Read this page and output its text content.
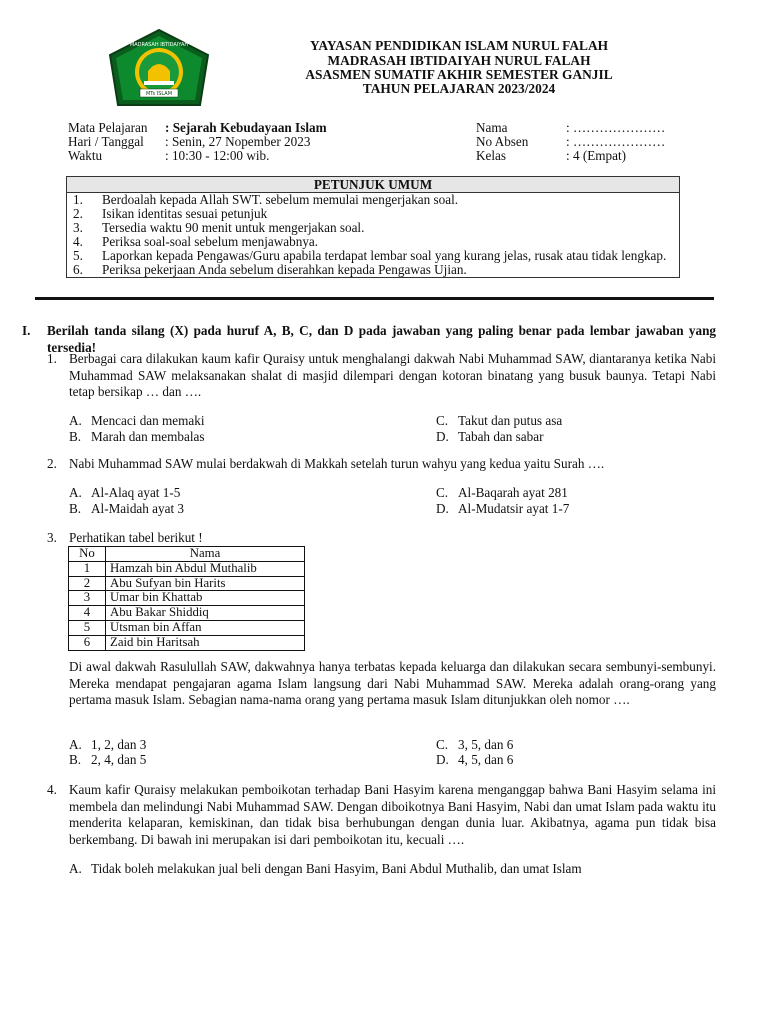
MTs ISLAM
MADRASAH IBTIDAIYAH	YAYASAN PENDIDIKAN ISLAM NURUL FALAH
MADRASAH IBTIDAIYAH NURUL FALAH
ASASMEN SUMATIF AKHIR SEMESTER GANJIL
TAHUN PELAJARAN 2023/2024
Mata Pelajaran : Sejarah Kebudayaan Islam
Hari / Tanggal : Senin, 27 Nopember 2023
Waktu	: 10:30 - 12:00 wib.
Nama	: …………………
No Absen	: …………………
Kelas	: 4 (Empat)
PETUNJUK UMUM
1. Berdoalah kepada Allah SWT. sebelum memulai mengerjakan soal.
2. Isikan identitas sesuai petunjuk
3. Tersedia waktu 90 menit untuk mengerjakan soal.
4. Periksa soal-soal sebelum menjawabnya.
5. Laporkan kepada Pengawas/Guru apabila terdapat lembar soal yang kurang jelas, rusak atau tidak lengkap.
6. Periksa pekerjaan Anda sebelum diserahkan kepada Pengawas Ujian.
I. Berilah tanda silang (X) pada huruf A, B, C, dan D pada jawaban yang paling benar pada lembar jawaban yang tersedia!
1. Berbagai cara dilakukan kaum kafir Quraisy untuk menghalangi dakwah Nabi Muhammad SAW, diantaranya ketika Nabi Muhammad SAW melaksanakan shalat di masjid dilempari dengan kotoran binatang yang busuk baunya. Tetapi Nabi tetap bersikap … dan ….
A. Mencaci dan memaki	C. Takut dan putus asa
B. Marah dan membalas	D. Tabah dan sabar
2. Nabi Muhammad SAW mulai berdakwah di Makkah setelah turun wahyu yang kedua yaitu Surah ….
A. Al-Alaq ayat 1-5	C. Al-Baqarah ayat 281
B. Al-Maidah ayat 3	D. Al-Mudatsir ayat 1-7
3. Perhatikan tabel berikut !
No	Nama
1	Hamzah bin Abdul Muthalib
2	Abu Sufyan bin Harits
3	Umar bin Khattab
4	Abu Bakar Shiddiq
5	Utsman bin Affan
6	Zaid bin Haritsah
Di awal dakwah Rasulullah SAW, dakwahnya hanya terbatas kepada keluarga dan dilakukan secara sembunyi-sembunyi. Mereka mendapat pengajaran agama Islam langsung dari Nabi Muhammad SAW. Mereka adalah orang-orang yang pertama masuk Islam. Sebagian nama-nama orang yang pertama masuk Islam ditunjukkan oleh nomor ….
A. 1, 2, dan 3	C. 3, 5, dan 6
B. 2, 4, dan 5	D. 4, 5, dan 6
4. Kaum kafir Quraisy melakukan pemboikotan terhadap Bani Hasyim karena menganggap bahwa Bani Hasyim selama ini membela dan melindungi Nabi Muhammad SAW. Dengan diboikotnya Bani Hasyim, Nabi dan umat Islam pada waktu itu menderita kelaparan, kemiskinan, dan tidak bisa berhubungan dengan dunia luar. Akibatnya, agama pun tidak bisa berkembang. Di bawah ini merupakan isi dari pemboikotan itu, kecuali ….
A. Tidak boleh melakukan jual beli dengan Bani Hasyim, Bani Abdul Muthalib, dan umat Islam
